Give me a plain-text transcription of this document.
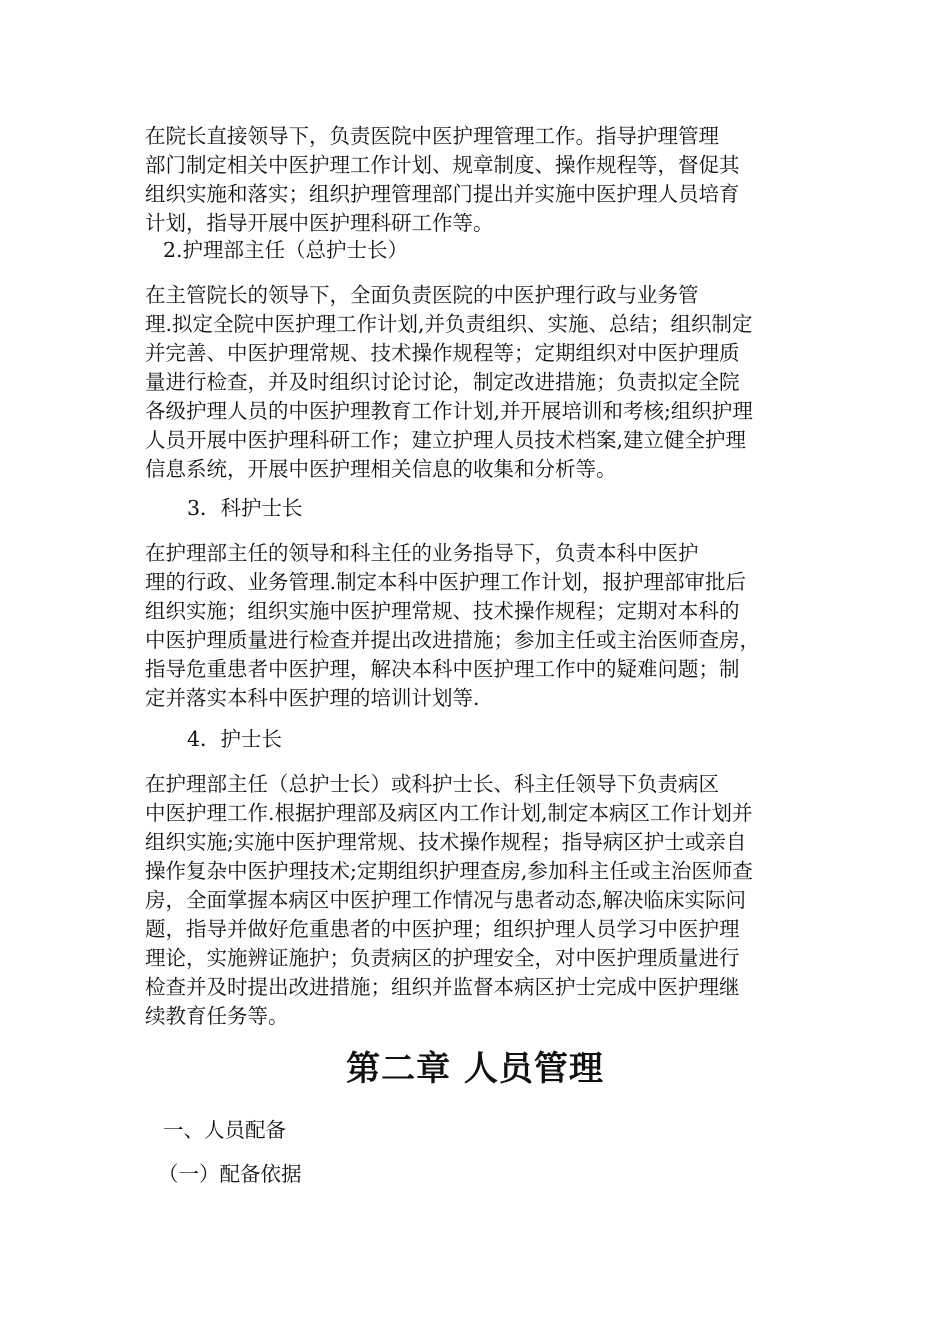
在院长直接领导下，负责医院中医护理管理工作。指导护理管理
部门制定相关中医护理工作计划、规章制度、操作规程等，督促其
组织实施和落实；组织护理管理部门提出并实施中医护理人员培育
计划，指导开展中医护理科研工作等。

2.护理部主任（总护士长）

在主管院长的领导下，全面负责医院的中医护理行政与业务管
理.拟定全院中医护理工作计划,并负责组织、实施、总结；组织制定
并完善、中医护理常规、技术操作规程等；定期组织对中医护理质
量进行检查，并及时组织讨论讨论，制定改进措施；负责拟定全院
各级护理人员的中医护理教育工作计划,并开展培训和考核;组织护理
人员开展中医护理科研工作；建立护理人员技术档案,建立健全护理
信息系统，开展中医护理相关信息的收集和分析等。

3．科护士长

在护理部主任的领导和科主任的业务指导下，负责本科中医护
理的行政、业务管理.制定本科中医护理工作计划，报护理部审批后
组织实施；组织实施中医护理常规、技术操作规程；定期对本科的
中医护理质量进行检查并提出改进措施；参加主任或主治医师查房，
指导危重患者中医护理，解决本科中医护理工作中的疑难问题；制
定并落实本科中医护理的培训计划等.

4．护士长

在护理部主任（总护士长）或科护士长、科主任领导下负责病区
中医护理工作.根据护理部及病区内工作计划,制定本病区工作计划并
组织实施;实施中医护理常规、技术操作规程；指导病区护士或亲自
操作复杂中医护理技术;定期组织护理查房,参加科主任或主治医师查
房，全面掌握本病区中医护理工作情况与患者动态,解决临床实际问
题，指导并做好危重患者的中医护理；组织护理人员学习中医护理
理论，实施辨证施护；负责病区的护理安全，对中医护理质量进行
检查并及时提出改进措施；组织并监督本病区护士完成中医护理继
续教育任务等。
第二章 人员管理

一、人员配备

（一）配备依据
